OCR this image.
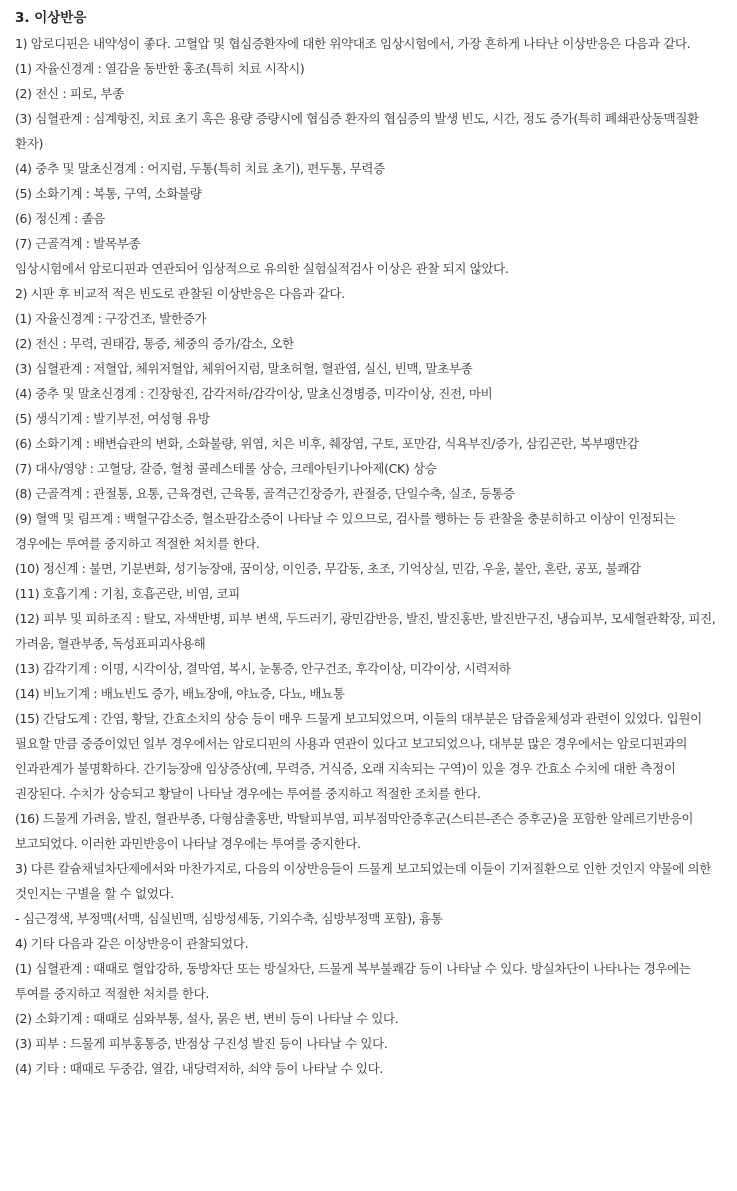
3. 이상반응

1) 암로디핀은 내약성이 좋다. 고혈압 및 협심증환자에 대한 위약대조 임상시험에서, 가장 흔하게 나타난 이상반응은 다음과 같다.

(1) 자율신경계 : 열감을 동반한 홍조(특히 치료 시작시)

(2) 전신 : 피로, 부종

(3) 심혈관계 : 심계항진, 치료 초기 혹은 용량 증량시에 협심증 환자의 협심증의 발생 빈도, 시간, 정도 증가(특히 폐쇄관상동맥질환 환자)

(4) 중추 및 말초신경계 : 어지럼, 두통(특히 치료 초기), 편두통, 무력증

(5) 소화기계 : 복통, 구역, 소화불량

(6) 정신계 : 졸음

(7) 근골격계 : 발목부종

임상시험에서 암로디핀과 연관되어 임상적으로 유의한 실험실적검사 이상은 관찰 되지 않았다.

2) 시판 후 비교적 적은 빈도로 관찰된 이상반응은 다음과 같다.

(1) 자율신경계 : 구강건조, 발한증가

(2) 전신 : 무력, 권태감, 통증, 체중의 증가/감소, 오한

(3) 심혈관계 : 저혈압, 체위저혈압, 체위어지럼, 말초허혈, 혈관염, 실신, 빈맥, 말초부종

(4) 중추 및 말초신경계 : 긴장항진, 감각저하/감각이상, 말초신경병증, 미각이상, 진전, 마비

(5) 생식기계 : 발기부전, 여성형 유방

(6) 소화기계 : 배변습관의 변화, 소화불량, 위염, 치은 비후, 췌장염, 구토, 포만감, 식욕부진/증가, 삼킴곤란, 복부팽만감

(7) 대사/영양 : 고혈당, 갈증, 혈청 콜레스테롤 상승, 크레아틴키나아제(CK) 상승

(8) 근골격계 : 관절통, 요통, 근육경련, 근육통, 골격근긴장증가, 관절증, 단일수축, 실조, 등통증

(9) 혈액 및 림프계 : 백혈구감소증, 혈소판감소증이 나타날 수 있으므로, 검사를 행하는 등 관찰을 충분히하고 이상이 인정되는 경우에는 투여를 중지하고 적절한 처치를 한다.

(10) 정신계 : 불면, 기분변화, 성기능장애, 꿈이상, 이인증, 무감동, 초조, 기억상실, 민감, 우울, 불안, 혼란, 공포, 불쾌감

(11) 호흡기계 : 기침, 호흡곤란, 비염, 코피

(12) 피부 및 피하조직 : 탈모, 자색반병, 피부 변색, 두드러기, 광민감반응, 발진, 발진홍반, 발진반구진, 냉습피부, 모세혈관확장, 피진, 가려움, 혈관부종, 독성표피괴사용해

(13) 감각기계 : 이명, 시각이상, 결막염, 복시, 눈통증, 안구건조, 후각이상, 미각이상, 시력저하

(14) 비뇨기계 : 배뇨빈도 증가, 배뇨장애, 야뇨증, 다뇨, 배뇨통

(15) 간담도계 : 간염, 황달, 간효소치의 상승 등이 매우 드물게 보고되었으며, 이들의 대부분은 담즙울체성과 관련이 있었다. 입원이 필요할 만큼 중증이었던 일부 경우에서는 암로디핀의 사용과 연관이 있다고 보고되었으나, 대부분 많은 경우에서는 암로디핀과의 인과관계가 불명확하다. 간기능장애 임상증상(예, 무력증, 거식증, 오래 지속되는 구역)이 있을 경우 간효소 수치에 대한 측정이 권장된다. 수치가 상승되고 황달이 나타날 경우에는 투여를 중지하고 적절한 조치를 한다.

(16) 드물게 가려움, 발진, 혈관부종, 다형삼출홍반, 박탈피부염, 피부점막안증후군(스티븐-존슨 증후군)을 포함한 알레르기반응이 보고되었다. 이러한 과민반응이 나타날 경우에는 투여를 중지한다.

3) 다른 칼슘채널차단제에서와 마찬가지로, 다음의 이상반응들이 드물게 보고되었는데 이들이 기저질환으로 인한 것인지 약물에 의한 것인지는 구별을 할 수 없었다.

- 심근경색, 부정맥(서맥, 심실빈맥, 심방성세동, 기외수축, 심방부정맥 포함), 흉통

4) 기타 다음과 같은 이상반응이 관찰되었다.

(1) 심혈관계 : 때때로 혈압강하, 동방차단 또는 방실차단, 드물게 복부불쾌감 등이 나타날 수 있다. 방실차단이 나타나는 경우에는 투여를 중지하고 적절한 처치를 한다.

(2) 소화기계 : 때때로 심와부통, 설사, 묽은 변, 변비 등이 나타날 수 있다.

(3) 피부 : 드물게 피부홍통증, 반점상 구진성 발진 등이 나타날 수 있다.

(4) 기타 : 때때로 두중감, 열감, 내당력저하, 쇠약 등이 나타날 수 있다.
